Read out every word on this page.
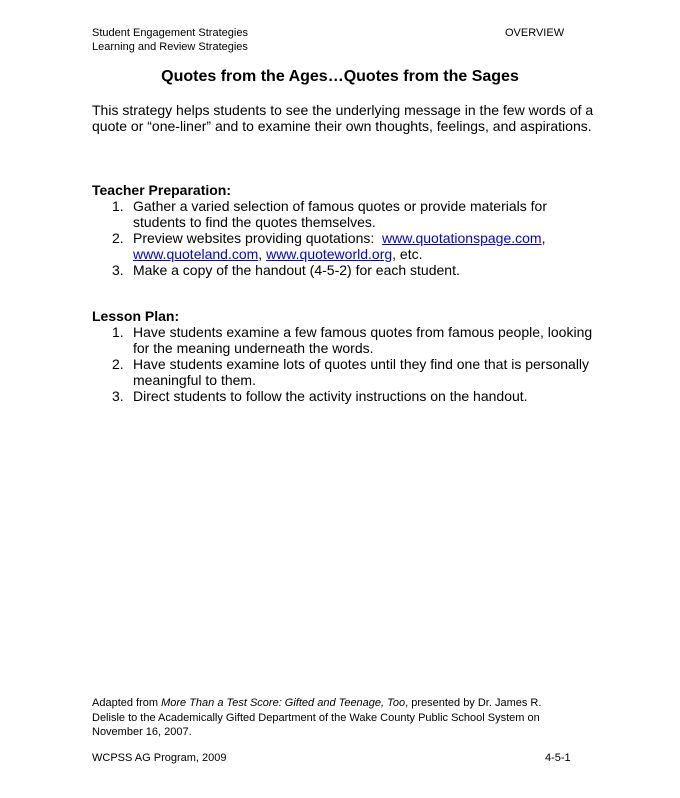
Student Engagement Strategies
Learning and Review Strategies
OVERVIEW
Quotes from the Ages…Quotes from the Sages
This strategy helps students to see the underlying message in the few words of a
quote or “one-liner” and to examine their own thoughts, feelings, and aspirations.
Teacher Preparation:
1. Gather a varied selection of famous quotes or provide materials for
students to find the quotes themselves.
2. Preview websites providing quotations:  www.quotationspage.com,
www.quoteland.com, www.quoteworld.org, etc.
3. Make a copy of the handout (4-5-2) for each student.
Lesson Plan:
1. Have students examine a few famous quotes from famous people, looking
for the meaning underneath the words.
2. Have students examine lots of quotes until they find one that is personally
meaningful to them.
3. Direct students to follow the activity instructions on the handout.
Adapted from More Than a Test Score: Gifted and Teenage, Too, presented by Dr. James R.
Delisle to the Academically Gifted Department of the Wake County Public School System on
November 16, 2007.
WCPSS AG Program, 2009	4-5-1
